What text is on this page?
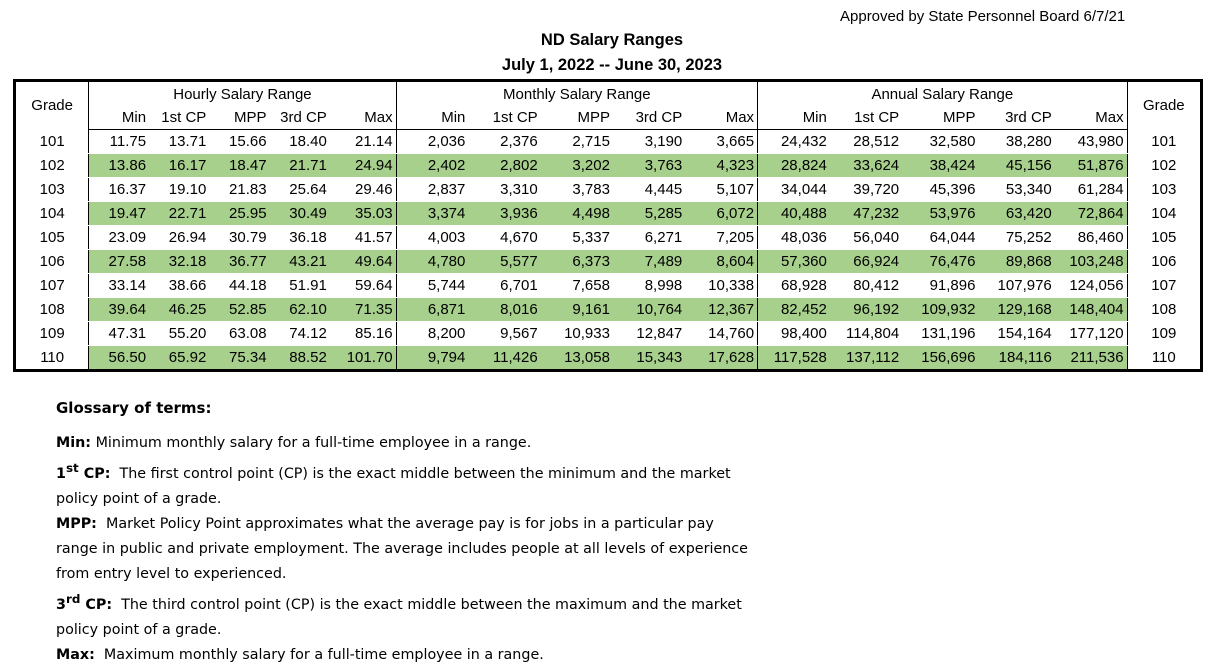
Approved by State Personnel Board 6/7/21
ND Salary Ranges
July 1, 2022 -- June 30, 2023
Grade	Hourly Salary Range					Monthly Salary Range					Annual Salary Range					Grade
	Min	1st CP	MPP	3rd CP	Max	Min	1st CP	MPP	3rd CP	Max	Min	1st CP	MPP	3rd CP	Max	
101	11.75	13.71	15.66	18.40	21.14	2,036	2,376	2,715	3,190	3,665	24,432	28,512	32,580	38,280	43,980	101
102	13.86	16.17	18.47	21.71	24.94	2,402	2,802	3,202	3,763	4,323	28,824	33,624	38,424	45,156	51,876	102
103	16.37	19.10	21.83	25.64	29.46	2,837	3,310	3,783	4,445	5,107	34,044	39,720	45,396	53,340	61,284	103
104	19.47	22.71	25.95	30.49	35.03	3,374	3,936	4,498	5,285	6,072	40,488	47,232	53,976	63,420	72,864	104
105	23.09	26.94	30.79	36.18	41.57	4,003	4,670	5,337	6,271	7,205	48,036	56,040	64,044	75,252	86,460	105
106	27.58	32.18	36.77	43.21	49.64	4,780	5,577	6,373	7,489	8,604	57,360	66,924	76,476	89,868	103,248	106
107	33.14	38.66	44.18	51.91	59.64	5,744	6,701	7,658	8,998	10,338	68,928	80,412	91,896	107,976	124,056	107
108	39.64	46.25	52.85	62.10	71.35	6,871	8,016	9,161	10,764	12,367	82,452	96,192	109,932	129,168	148,404	108
109	47.31	55.20	63.08	74.12	85.16	8,200	9,567	10,933	12,847	14,760	98,400	114,804	131,196	154,164	177,120	109
110	56.50	65.92	75.34	88.52	101.70	9,794	11,426	13,058	15,343	17,628	117,528	137,112	156,696	184,116	211,536	110
Glossary of terms:

Min: Minimum monthly salary for a full-time employee in a range.

1st CP: The first control point (CP) is the exact middle between the minimum and the market

policy point of a grade.

MPP: Market Policy Point approximates what the average pay is for jobs in a particular pay

range in public and private employment. The average includes people at all levels of experience

from entry level to experienced.

3rd CP: The third control point (CP) is the exact middle between the maximum and the market

policy point of a grade.

Max: Maximum monthly salary for a full-time employee in a range.
